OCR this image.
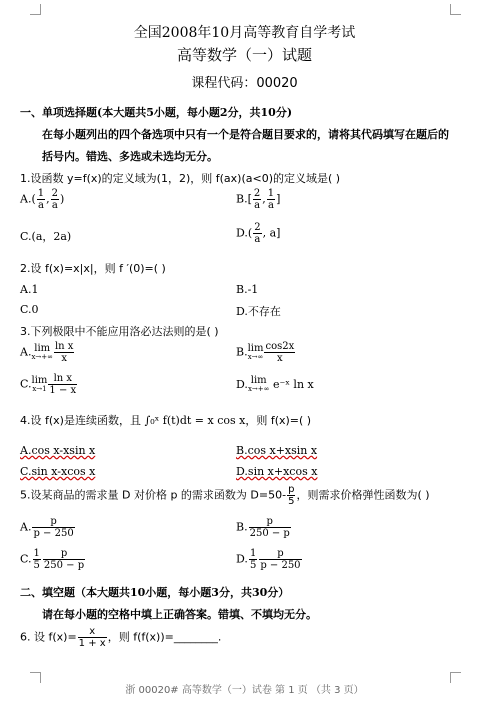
全国2008年10月高等教育自学考试
高等数学（一）试题
课程代码：00020
一、单项选择题(本大题共5小题，每小题2分，共10分)
在每小题列出的四个备选项中只有一个是符合题目要求的，请将其代码填写在题后的
括号内。错选、多选或未选均无分。
1.设函数 y=f(x)的定义域为(1，2)，则 f(ax)(a<0)的定义域是( )
$A.( \frac{1}{a}$ , $\frac{2}{a}$ )	$B.[ \frac{2}{a}$ , $\frac{1}{a}$ ]
C.(a，2a)	$D.( \frac{2}{a}$ , a]
2.设 f(x)=x|x|，则 f ′(0)=( )
A.1	B.-1
C.0	D.不存在
3.下列极限中不能应用洛必达法则的是( )
A. lim
$x\to+\infty \frac{\text{ln x}}{x}$	B.lim
$x\to\infty \frac{\cos 2x}{x}$
C.lim
$x\to 1 \frac{\text{ln x}}{1 - x}$	D. lim
x→+∞ e⁻ˣ ln x
4.设 f(x)是连续函数，且 ∫₀ˣ f(t)dt = x cos x，则 f(x)=( )
A.cos x-xsin x	B.cos x+xsin x
C.sin x-xcos x	D.sin x+xcos x
5.设某商品的需求量 D 对价格 p 的需求函数为 $D=50- \frac{p}{5}$ ，则需求价格弹性函数为( )
A. $\frac{p}{p - 250}$	B. $\frac{p}{250 - p}$
C. $\frac{1}{5} \frac{p}{250 - p}$	D. $\frac{1}{5} \frac{p}{p - 250}$
二、填空题（本大题共10小题，每小题3分，共30分）
请在每小题的空格中填上正确答案。错填、不填均无分。
6. 设 $f(x)= \frac{x}{1 + x}$ ，则 f(f(x))=________.
浙 00020# 高等数学（一）试卷 第 1 页 （共 3 页）
